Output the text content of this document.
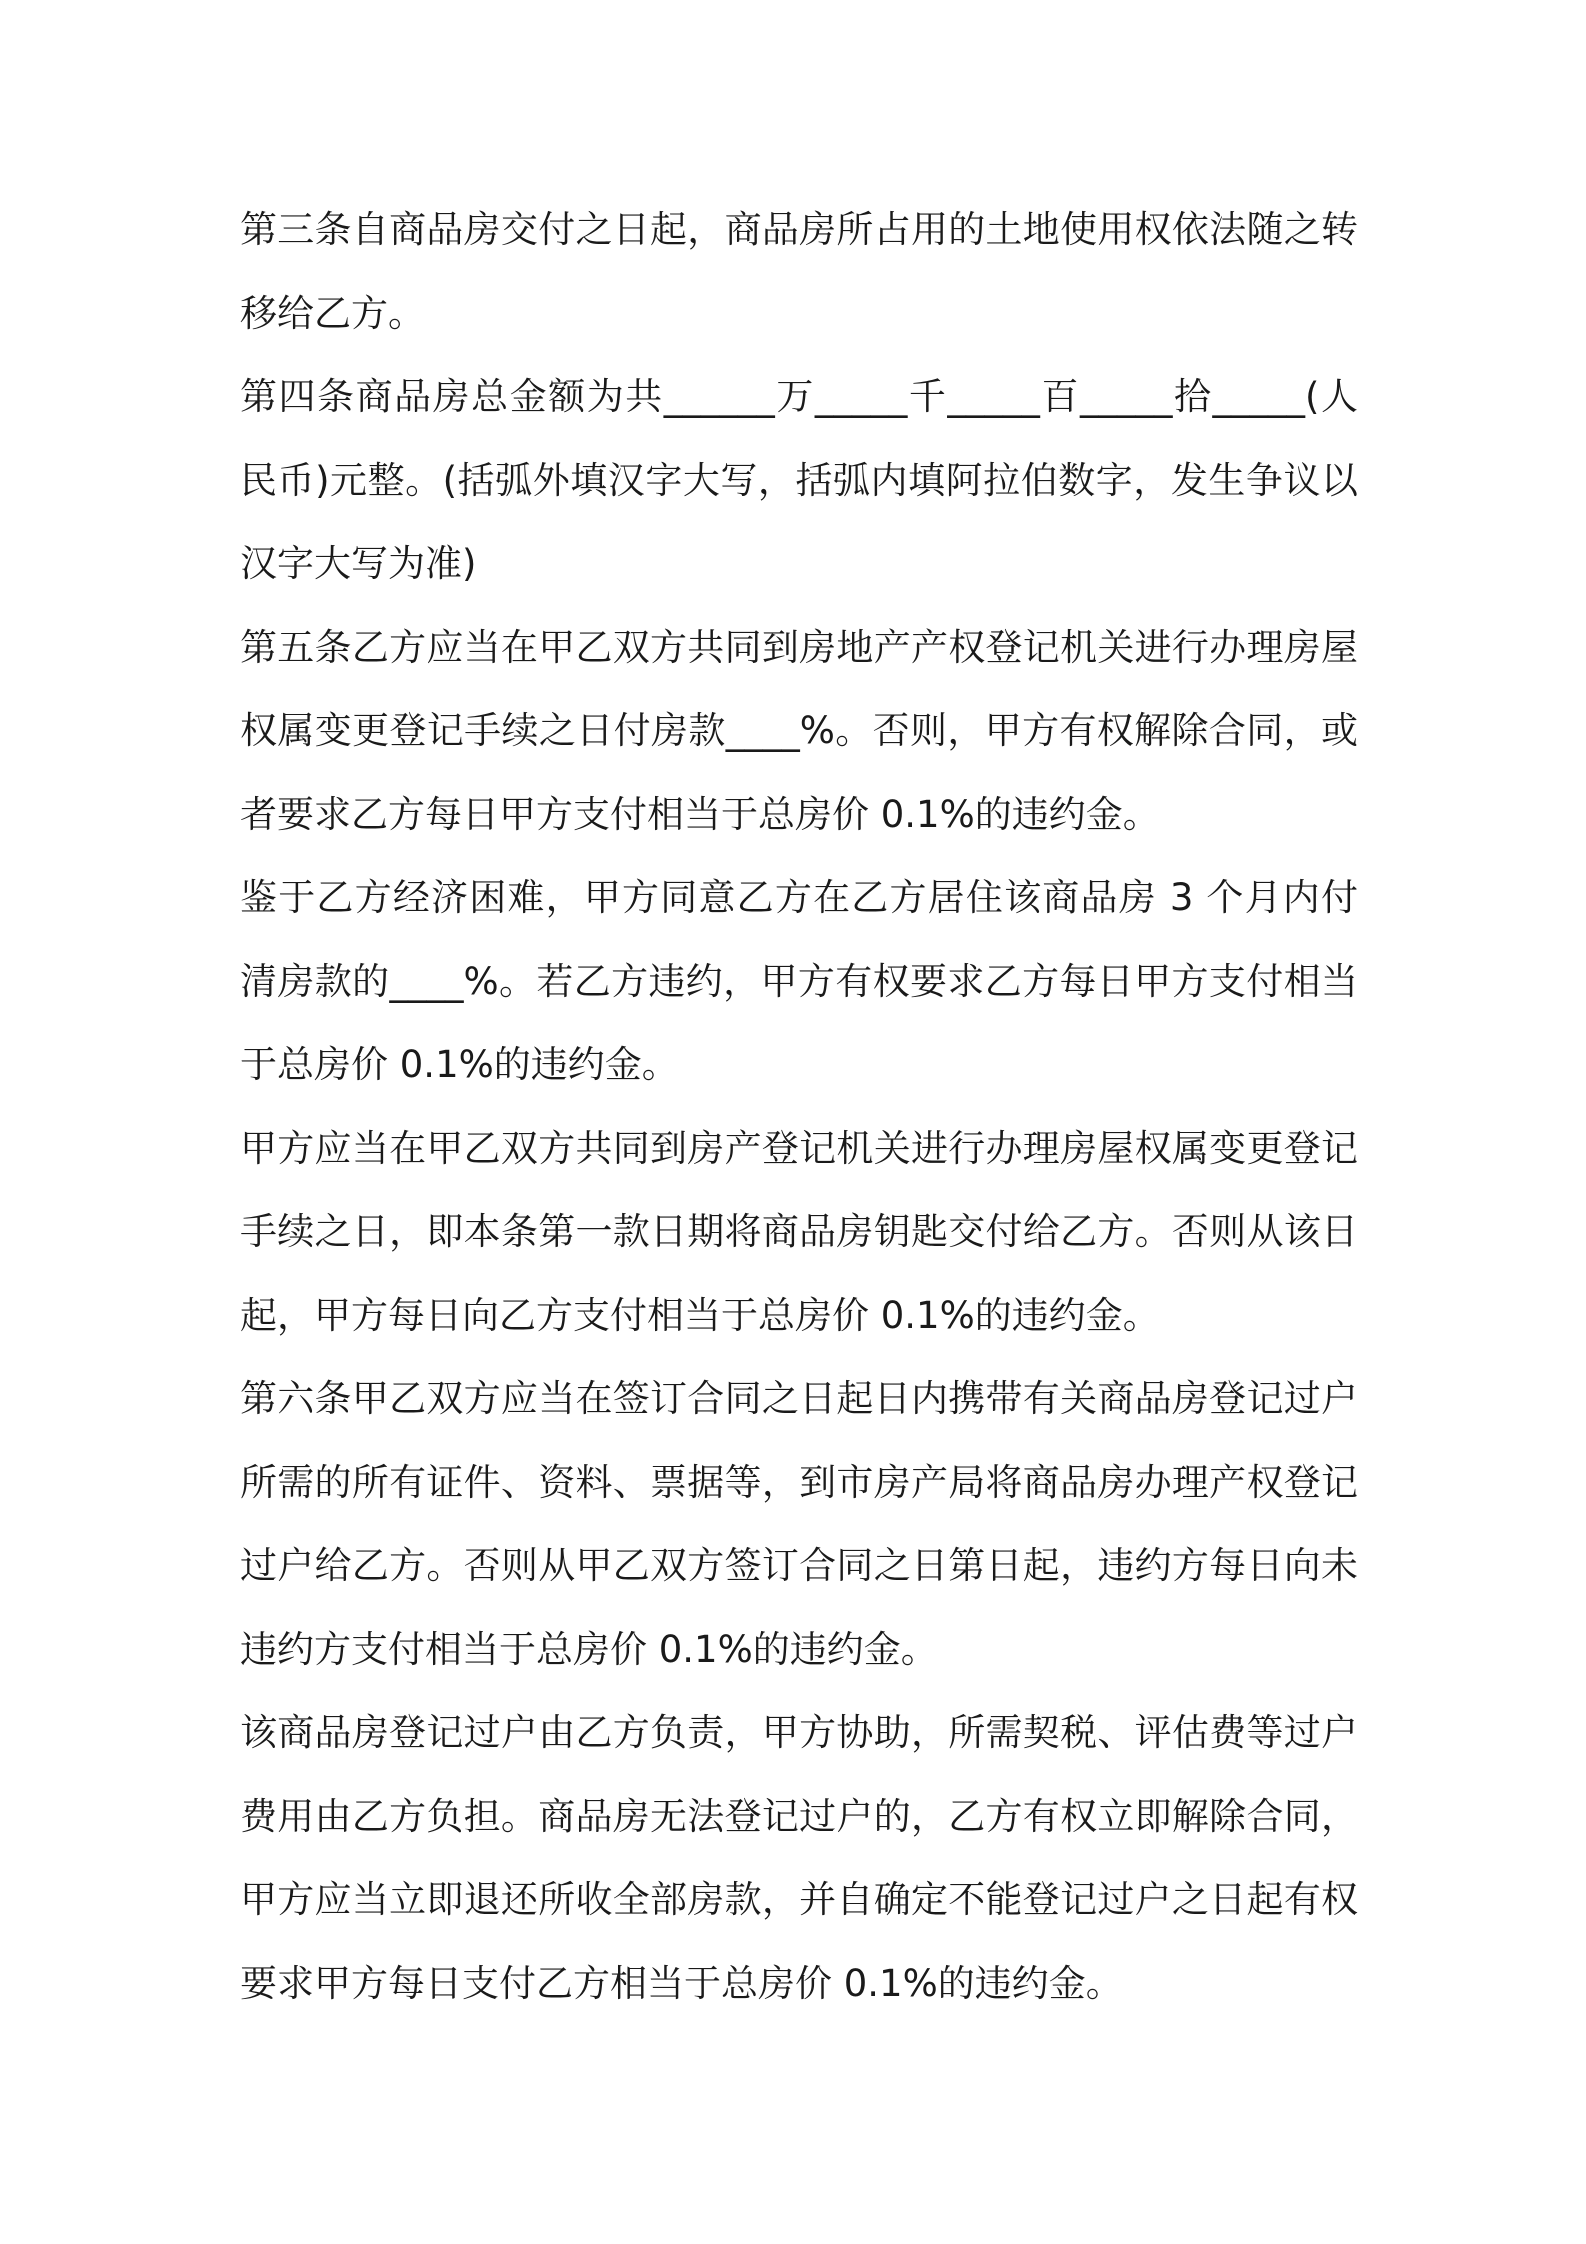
第三条自商品房交付之日起，商品房所占用的土地使用权依法随之转移给乙方。

第四条商品房总金额为共______万_____千_____百_____拾_____(人民币)元整。(括弧外填汉字大写，括弧内填阿拉伯数字，发生争议以汉字大写为准)

第五条乙方应当在甲乙双方共同到房地产产权登记机关进行办理房屋权属变更登记手续之日付房款____%。否则，甲方有权解除合同，或者要求乙方每日甲方支付相当于总房价 0.1%的违约金。

鉴于乙方经济困难，甲方同意乙方在乙方居住该商品房 3 个月内付清房款的____%。若乙方违约，甲方有权要求乙方每日甲方支付相当于总房价 0.1%的违约金。

甲方应当在甲乙双方共同到房产登记机关进行办理房屋权属变更登记手续之日，即本条第一款日期将商品房钥匙交付给乙方。否则从该日起，甲方每日向乙方支付相当于总房价 0.1%的违约金。

第六条甲乙双方应当在签订合同之日起日内携带有关商品房登记过户所需的所有证件、资料、票据等，到市房产局将商品房办理产权登记过户给乙方。否则从甲乙双方签订合同之日第日起，违约方每日向未违约方支付相当于总房价 0.1%的违约金。

该商品房登记过户由乙方负责，甲方协助，所需契税、评估费等过户费用由乙方负担。商品房无法登记过户的，乙方有权立即解除合同，甲方应当立即退还所收全部房款，并自确定不能登记过户之日起有权要求甲方每日支付乙方相当于总房价 0.1%的违约金。
